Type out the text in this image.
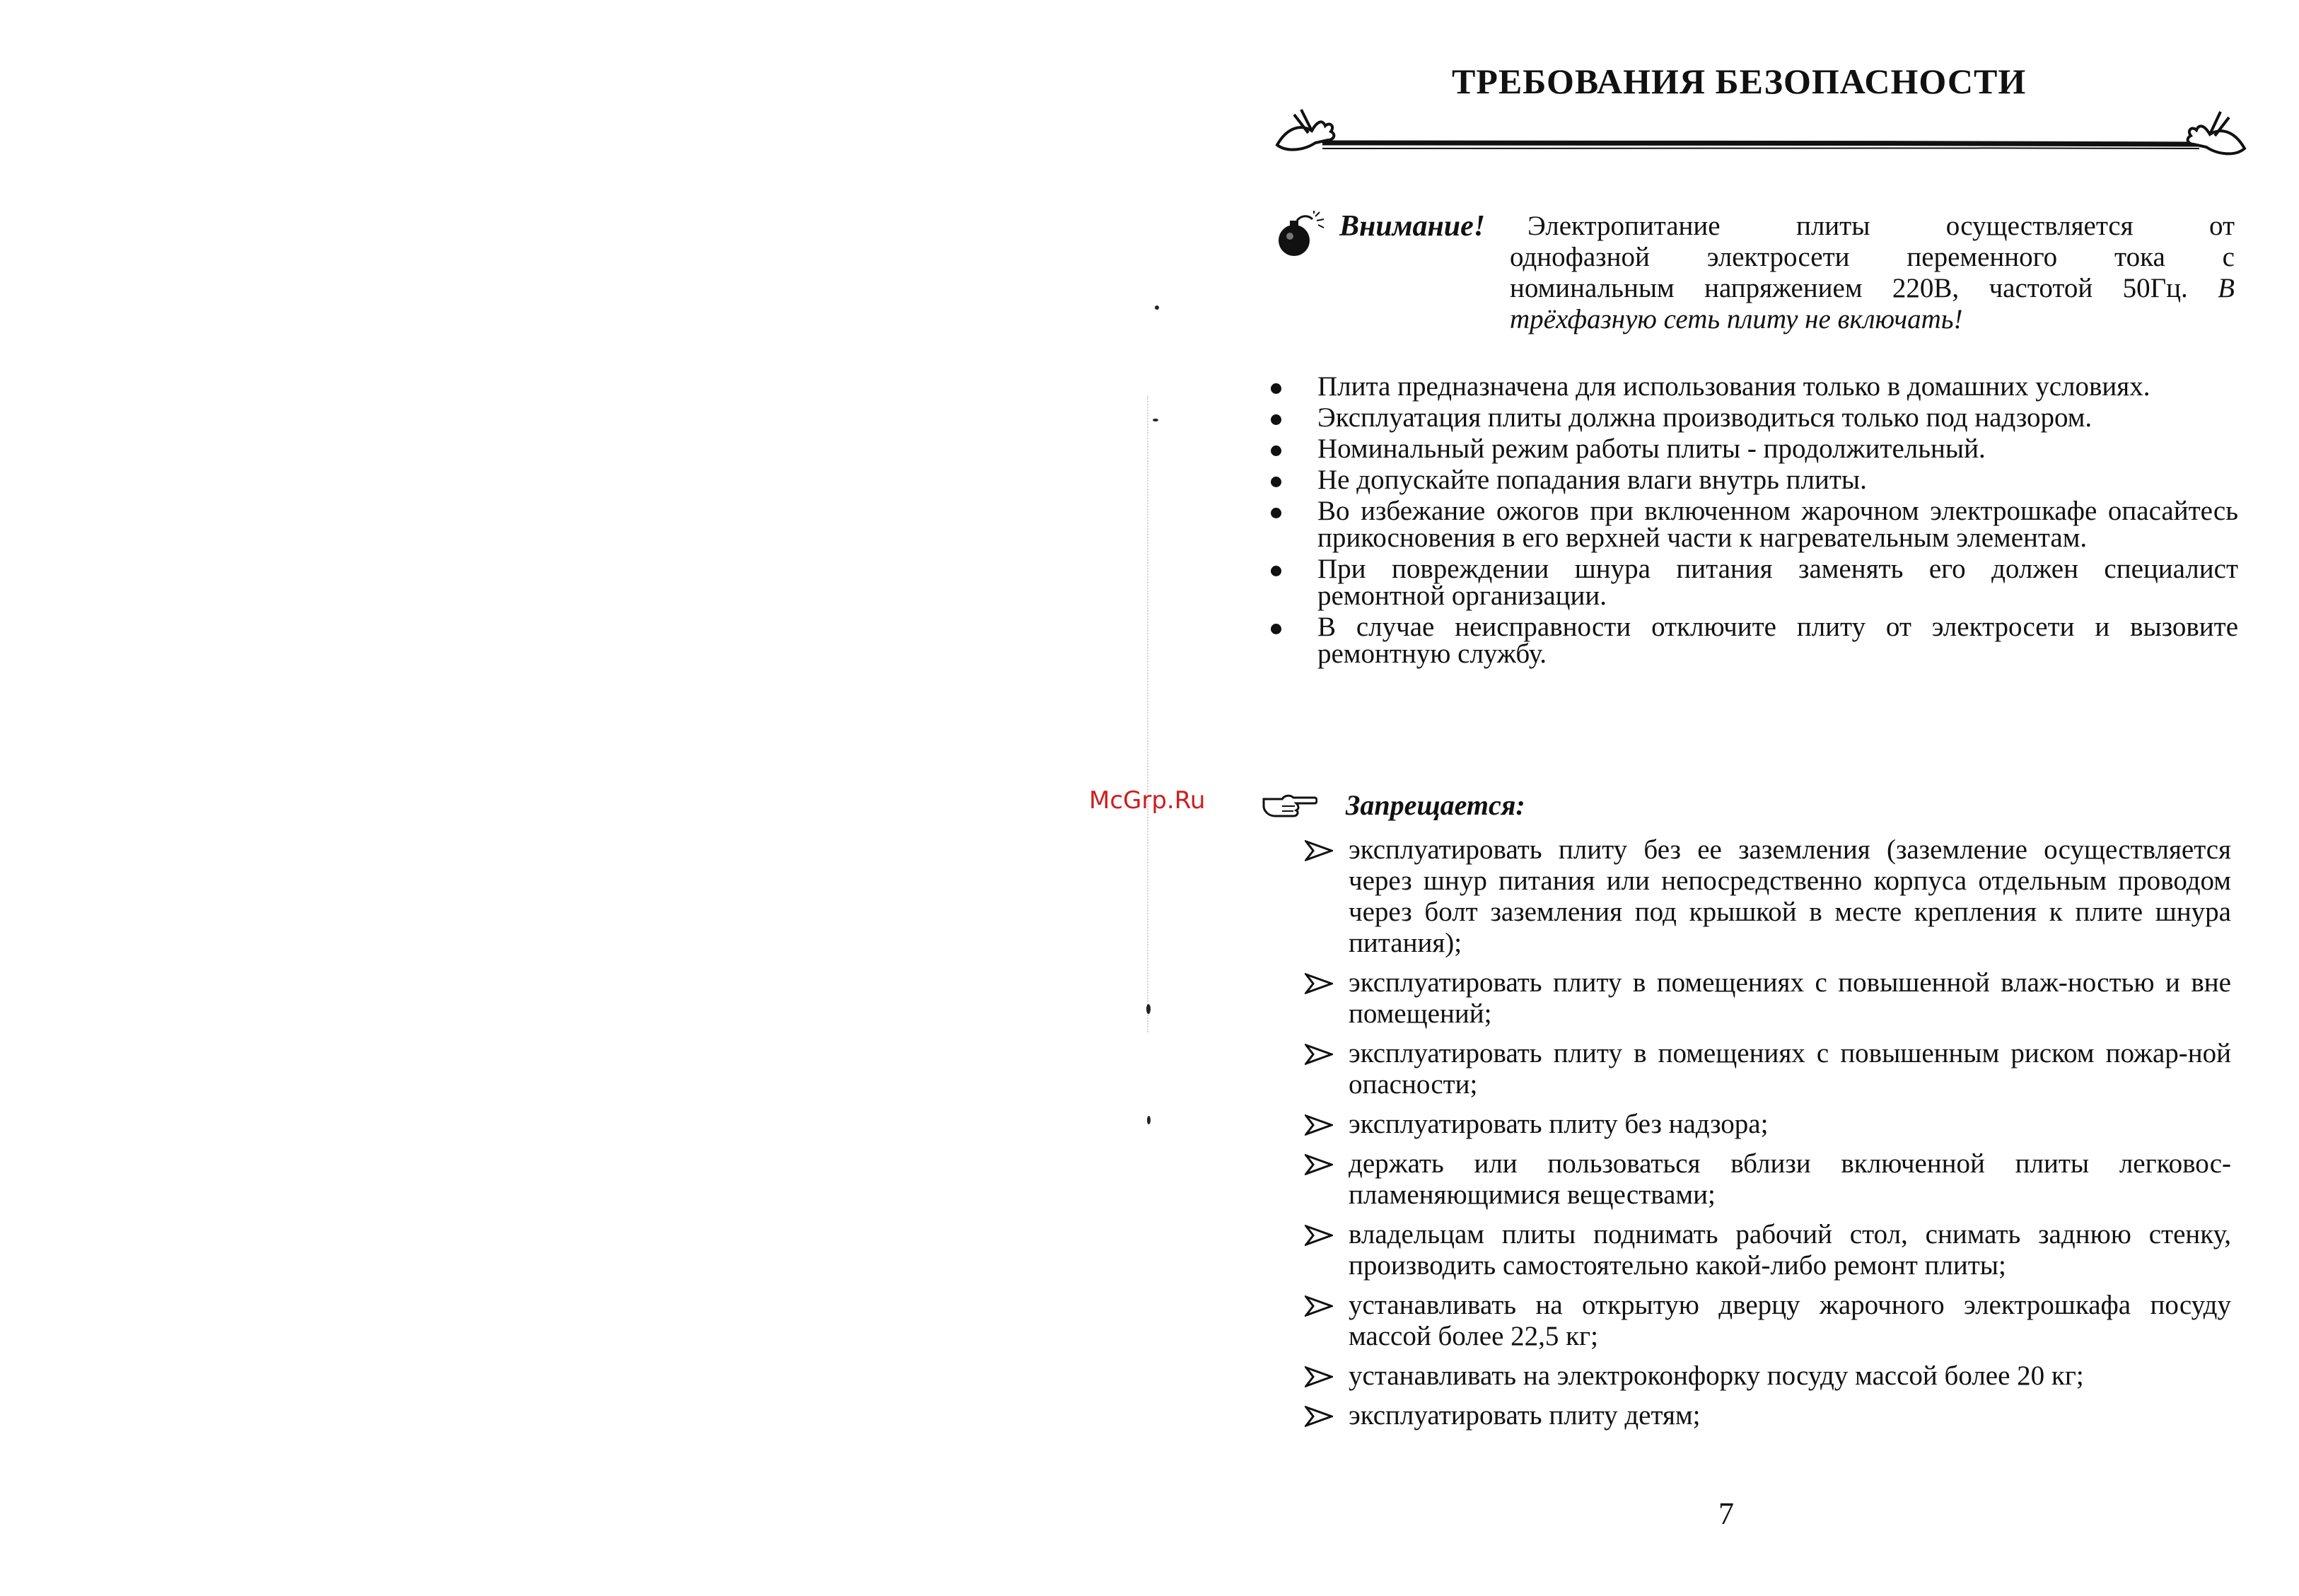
ТРЕБОВАНИЯ БЕЗОПАСНОСТИ
Внимание! Электропитание плиты осуществляется от
однофазной электросети переменного тока с
номинальным напряжением 220В, частотой 50Гц. В
трёхфазную сеть плиту не включать!
Плита предназначена для использования только в домашних условиях.
Эксплуатация плиты должна производиться только под надзором.
Номинальный режим работы плиты - продолжительный.
Не допускайте попадания влаги внутрь плиты.
Во избежание ожогов при включенном жарочном электрошкафе опасайтесь прикосновения в его верхней части к нагревательным элементам.
При повреждении шнура питания заменять его должен специалист ремонтной организации.
В случае неисправности отключите плиту от электросети и вызовите ремонтную службу.
McGrp.Ru	Запрещается:
эксплуатировать плиту без ее заземления (заземление осуществляется через шнур питания или непосредственно корпуса отдельным проводом через болт заземления под крышкой в месте крепления к плите шнура питания);
эксплуатировать плиту в помещениях с повышенной влаж-ностью и вне помещений;
эксплуатировать плиту в помещениях с повышенным риском пожар-ной опасности;
эксплуатировать плиту без надзора;
держать или пользоваться вблизи включенной плиты легковос-пламеняющимися веществами;
владельцам плиты поднимать рабочий стол, снимать заднюю стенку, производить самостоятельно какой-либо ремонт плиты;
устанавливать на открытую дверцу жарочного электрошкафа посуду массой более 22,5 кг;
устанавливать на электроконфорку посуду массой более 20 кг;
эксплуатировать плиту детям;
7
